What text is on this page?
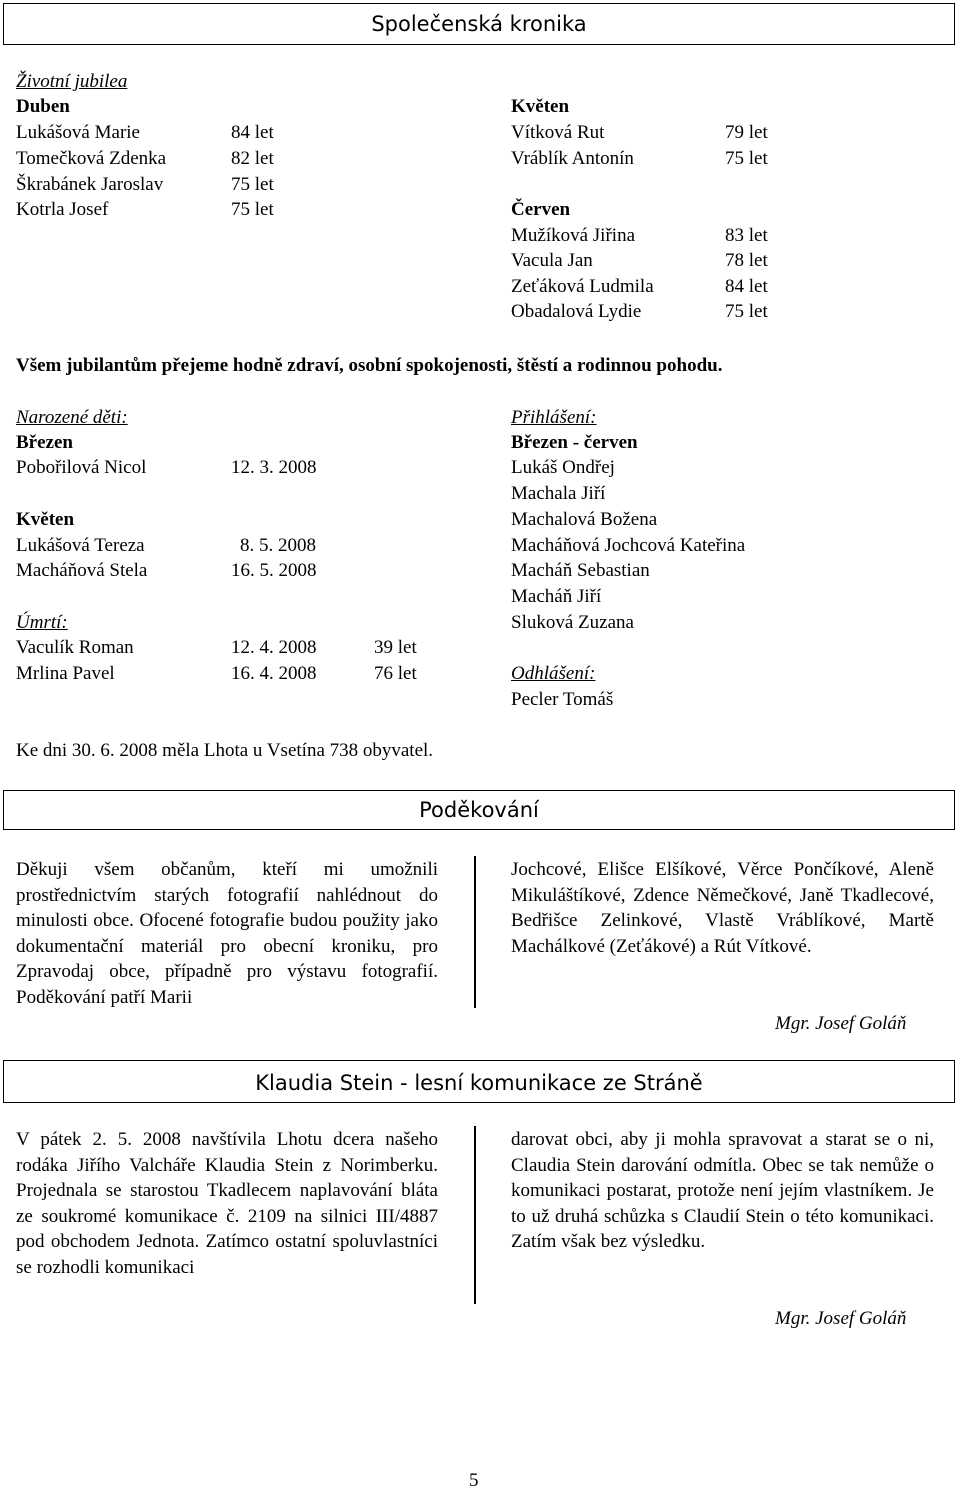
Společenská kronika
Životní jubilea
Duben
Lukášová Marie	84 let
Tomečková Zdenka	82 let
Škrabánek Jaroslav	75 let
Kotrla Josef	75 let
Květen
Vítková Rut	79 let
Vráblík Antonín	75 let
Červen
Mužíková Jiřina	83 let
Vacula Jan	78 let
Zeťáková Ludmila	84 let
Obadalová Lydie	75 let
Všem jubilantům přejeme hodně zdraví, osobní spokojenosti, štěstí a rodinnou pohodu.
Narozené děti:
Březen
Pobořilová Nicol	12. 3. 2008
Květen
Lukášová Tereza	8. 5. 2008
Macháňová Stela	16. 5. 2008
Úmrtí:
Vaculík Roman	12. 4. 2008	39 let
Mrlina Pavel	16. 4. 2008	76 let
Přihlášení:
Březen - červen
Lukáš Ondřej
Machala Jiří
Machalová Božena
Macháňová Jochcová Kateřina
Macháň Sebastian
Macháň Jiří
Sluková Zuzana
Odhlášení:
Pecler Tomáš
Ke dni 30. 6. 2008 měla Lhota u Vsetína 738 obyvatel.
Poděkování
Děkuji všem občanům, kteří mi umožnili prostřednictvím starých fotografií nahlédnout do minulosti obce. Ofocené fotografie budou použity jako dokumentační materiál pro obecní kroniku, pro Zpravodaj obce, případně pro výstavu fotografií. Poděkování patří Marii
Jochcové, Elišce Elšíkové, Věrce Pončíkové, Aleně Mikuláštíkové, Zdence Němečkové, Janě Tkadlecové, Bedřišce Zelinkové, Vlastě Vráblíkové, Martě Machálkové (Zeťákové) a Rút Vítkové.
Mgr. Josef Goláň
Klaudia Stein - lesní komunikace ze Stráně
V pátek 2. 5. 2008 navštívila Lhotu dcera našeho rodáka Jiřího Valcháře Klaudia Stein z Norimberku. Projednala se starostou Tkadlecem naplavování bláta ze soukromé komunikace č. 2109 na silnici III/4887 pod obchodem Jednota. Zatímco ostatní spoluvlastníci se rozhodli komunikaci
darovat obci, aby ji mohla spravovat a starat se o ni, Claudia Stein darování odmítla. Obec se tak nemůže o komunikaci postarat, protože není jejím vlastníkem. Je to už druhá schůzka s Claudií Stein o této komunikaci. Zatím však bez výsledku.
Mgr. Josef Goláň
5
